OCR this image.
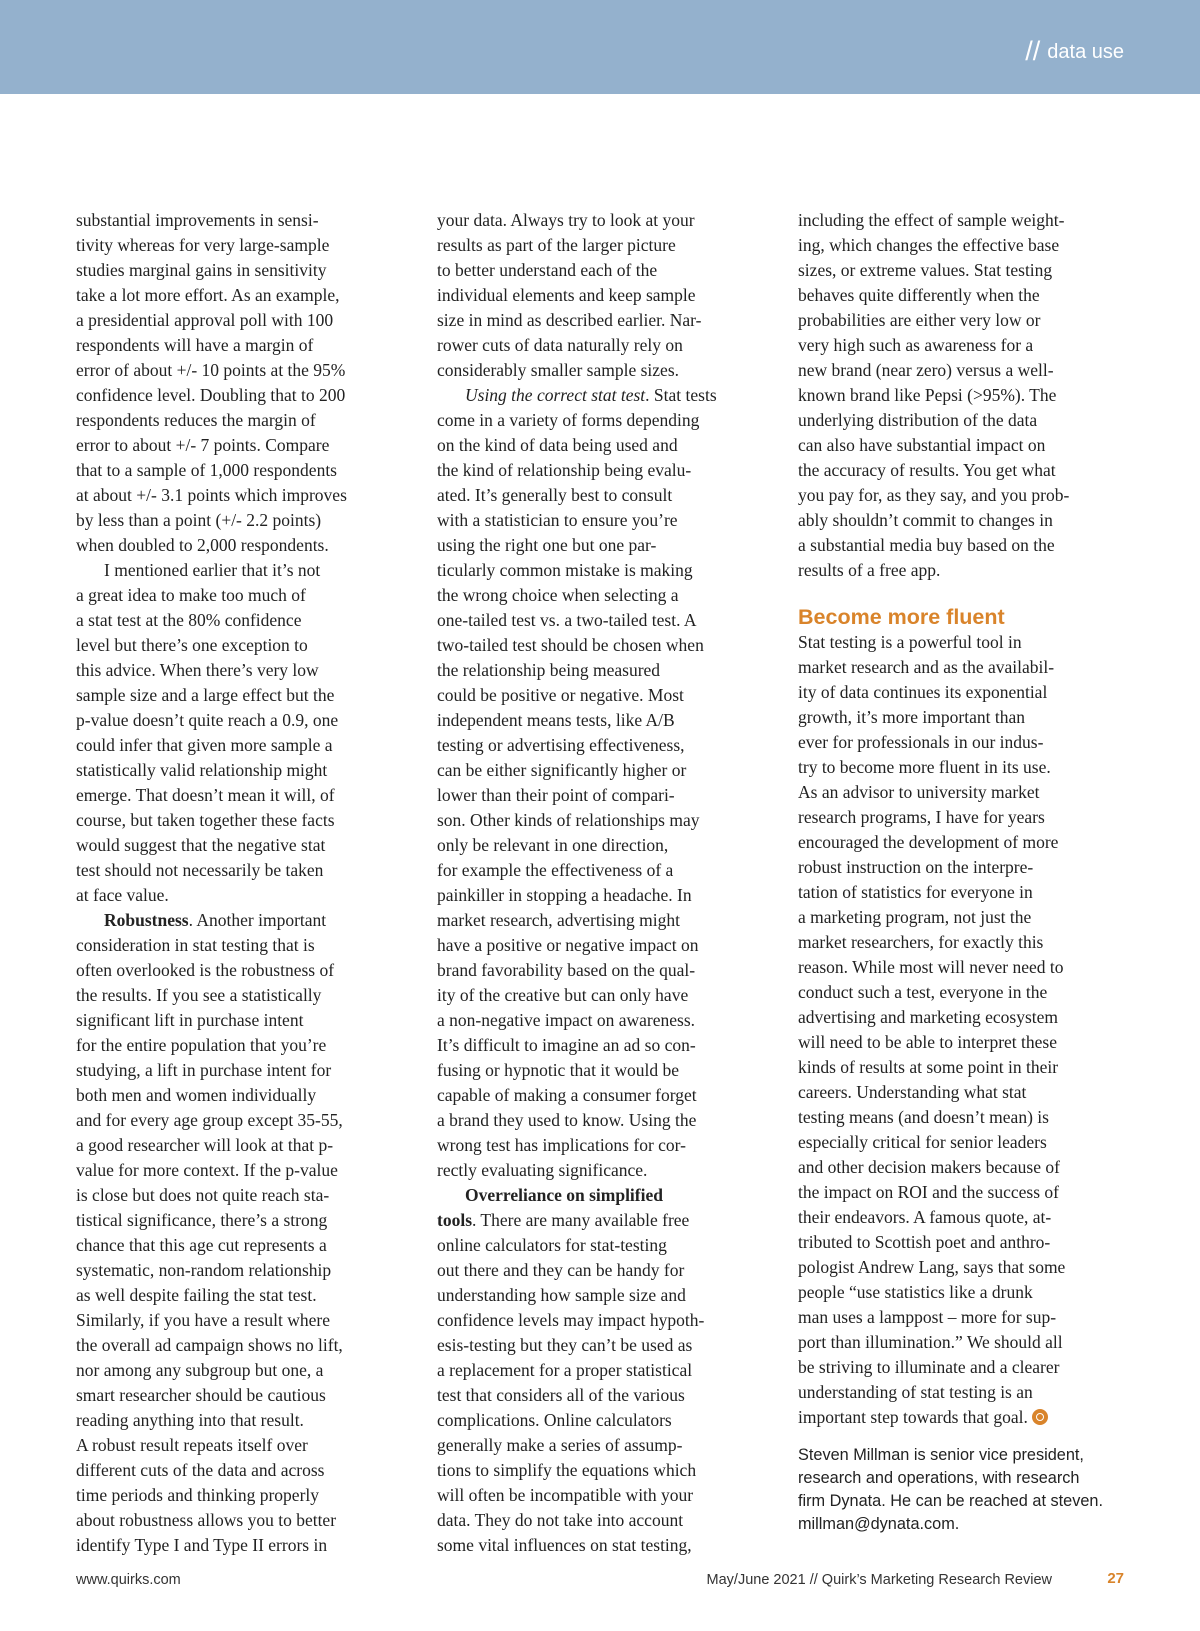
// data use
substantial improvements in sensi-
tivity whereas for very large-sample
studies marginal gains in sensitivity
take a lot more effort. As an example,
a presidential approval poll with 100
respondents will have a margin of
error of about +/- 10 points at the 95%
confidence level. Doubling that to 200
respondents reduces the margin of
error to about +/- 7 points. Compare
that to a sample of 1,000 respondents
at about +/- 3.1 points which improves
by less than a point (+/- 2.2 points)
when doubled to 2,000 respondents.
I mentioned earlier that it’s not
a great idea to make too much of
a stat test at the 80% confidence
level but there’s one exception to
this advice. When there’s very low
sample size and a large effect but the
p-value doesn’t quite reach a 0.9, one
could infer that given more sample a
statistically valid relationship might
emerge. That doesn’t mean it will, of
course, but taken together these facts
would suggest that the negative stat
test should not necessarily be taken
at face value.
Robustness. Another important
consideration in stat testing that is
often overlooked is the robustness of
the results. If you see a statistically
significant lift in purchase intent
for the entire population that you’re
studying, a lift in purchase intent for
both men and women individually
and for every age group except 35-55,
a good researcher will look at that p-
value for more context. If the p-value
is close but does not quite reach sta-
tistical significance, there’s a strong
chance that this age cut represents a
systematic, non-random relationship
as well despite failing the stat test.
Similarly, if you have a result where
the overall ad campaign shows no lift,
nor among any subgroup but one, a
smart researcher should be cautious
reading anything into that result.
A robust result repeats itself over
different cuts of the data and across
time periods and thinking properly
about robustness allows you to better
identify Type I and Type II errors in
your data. Always try to look at your
results as part of the larger picture
to better understand each of the
individual elements and keep sample
size in mind as described earlier. Nar-
rower cuts of data naturally rely on
considerably smaller sample sizes.
Using the correct stat test. Stat tests
come in a variety of forms depending
on the kind of data being used and
the kind of relationship being evalu-
ated. It’s generally best to consult
with a statistician to ensure you’re
using the right one but one par-
ticularly common mistake is making
the wrong choice when selecting a
one-tailed test vs. a two-tailed test. A
two-tailed test should be chosen when
the relationship being measured
could be positive or negative. Most
independent means tests, like A/B
testing or advertising effectiveness,
can be either significantly higher or
lower than their point of compari-
son. Other kinds of relationships may
only be relevant in one direction,
for example the effectiveness of a
painkiller in stopping a headache. In
market research, advertising might
have a positive or negative impact on
brand favorability based on the qual-
ity of the creative but can only have
a non-negative impact on awareness.
It’s difficult to imagine an ad so con-
fusing or hypnotic that it would be
capable of making a consumer forget
a brand they used to know. Using the
wrong test has implications for cor-
rectly evaluating significance.
Overreliance on simplified
tools. There are many available free
online calculators for stat-testing
out there and they can be handy for
understanding how sample size and
confidence levels may impact hypoth-
esis-testing but they can’t be used as
a replacement for a proper statistical
test that considers all of the various
complications. Online calculators
generally make a series of assump-
tions to simplify the equations which
will often be incompatible with your
data. They do not take into account
some vital influences on stat testing,
including the effect of sample weight-
ing, which changes the effective base
sizes, or extreme values. Stat testing
behaves quite differently when the
probabilities are either very low or
very high such as awareness for a
new brand (near zero) versus a well-
known brand like Pepsi (>95%). The
underlying distribution of the data
can also have substantial impact on
the accuracy of results. You get what
you pay for, as they say, and you prob-
ably shouldn’t commit to changes in
a substantial media buy based on the
results of a free app.
Become more fluent
Stat testing is a powerful tool in
market research and as the availabil-
ity of data continues its exponential
growth, it’s more important than
ever for professionals in our indus-
try to become more fluent in its use.
As an advisor to university market
research programs, I have for years
encouraged the development of more
robust instruction on the interpre-
tation of statistics for everyone in
a marketing program, not just the
market researchers, for exactly this
reason. While most will never need to
conduct such a test, everyone in the
advertising and marketing ecosystem
will need to be able to interpret these
kinds of results at some point in their
careers. Understanding what stat
testing means (and doesn’t mean) is
especially critical for senior leaders
and other decision makers because of
the impact on ROI and the success of
their endeavors. A famous quote, at-
tributed to Scottish poet and anthro-
pologist Andrew Lang, says that some
people “use statistics like a drunk
man uses a lamppost – more for sup-
port than illumination.” We should all
be striving to illuminate and a clearer
understanding of stat testing is an
important step towards that goal.
Steven Millman is senior vice president,
research and operations, with research
firm Dynata. He can be reached at steven.
millman@dynata.com.
www.quirks.com	May/June 2021 // Quirk’s Marketing Research Review	27
